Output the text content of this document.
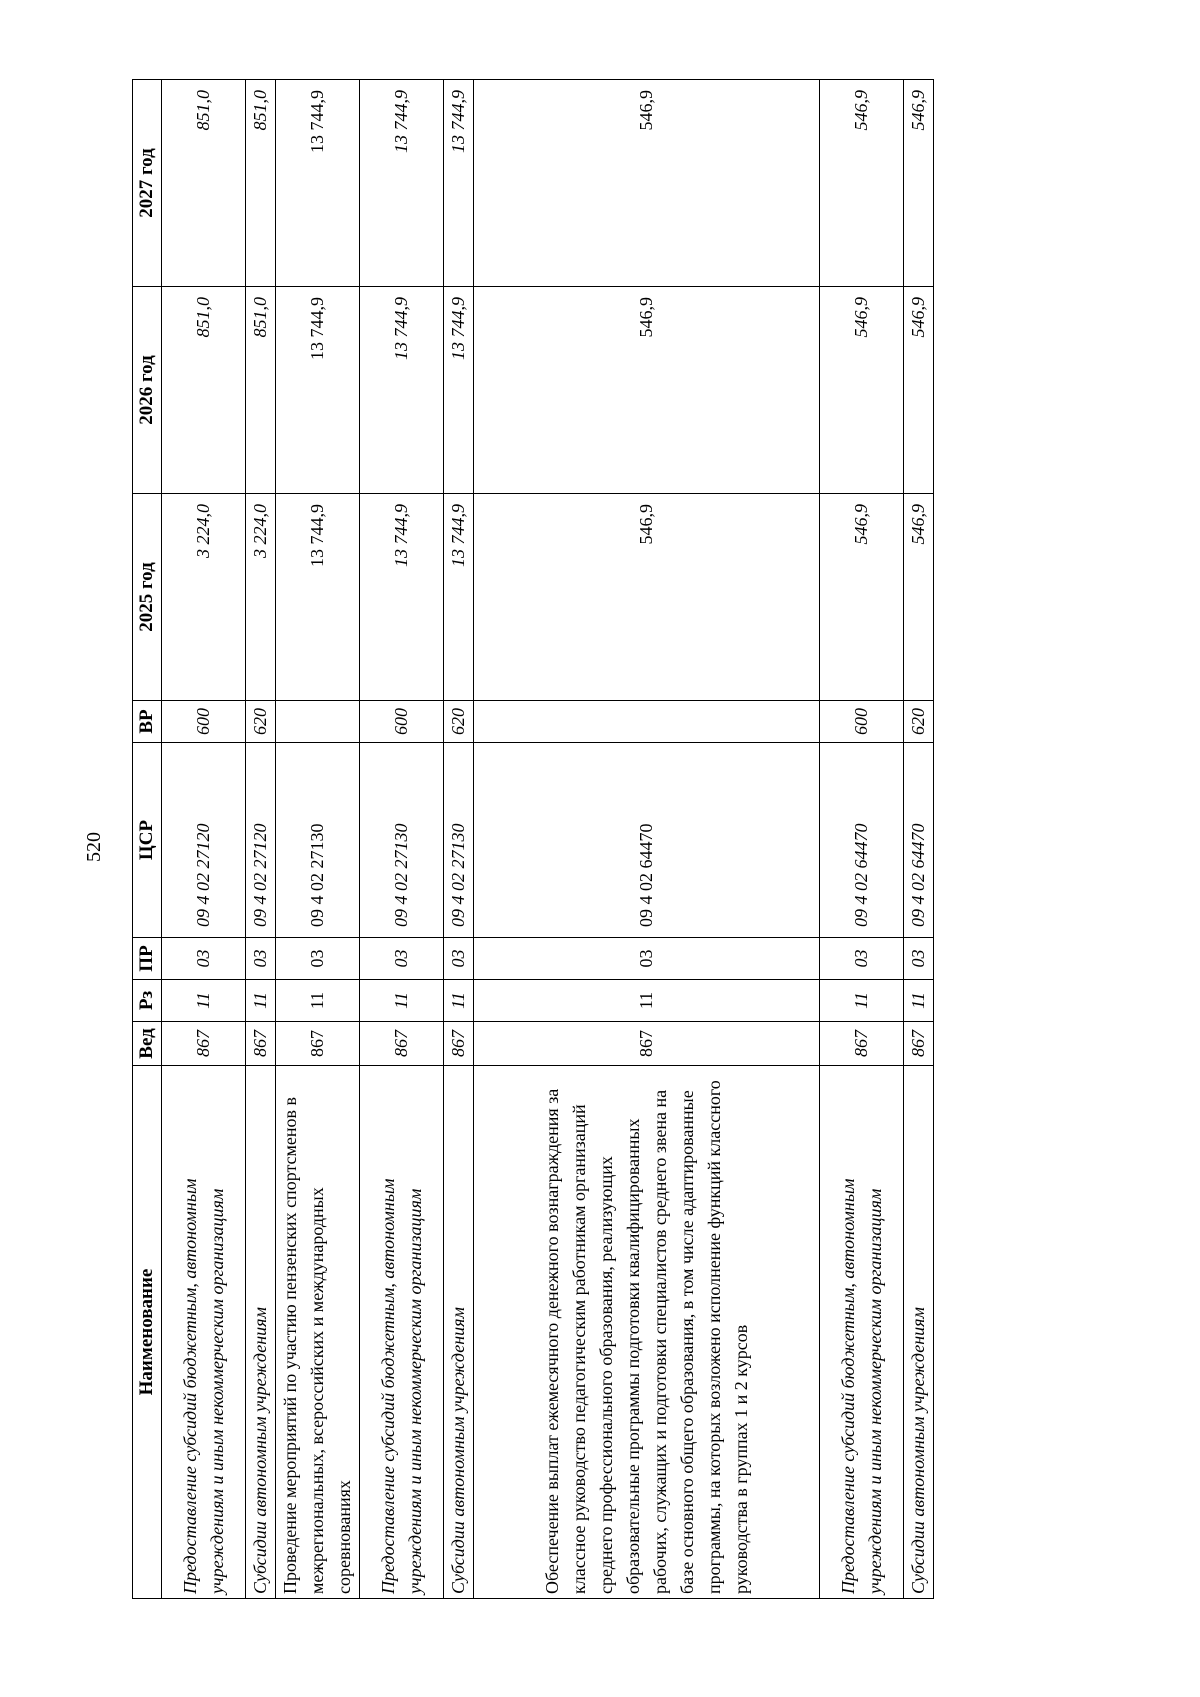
520
Наименование	Вед	Рз	ПР	ЦСР	ВР	2025 год	2026 год	2027 год
Предоставление субсидий бюджетным, автономным учреждениям и иным некоммерческим организациям	867	11	03	09 4 02 27120	600	3 224,0	851,0	851,0
Субсидии автономным учреждениям	867	11	03	09 4 02 27120	620	3 224,0	851,0	851,0
Проведение мероприятий по участию пензенских спортсменов в межрегиональных, всероссийских и международных соревнованиях	867	11	03	09 4 02 27130		13 744,9	13 744,9	13 744,9
Предоставление субсидий бюджетным, автономным учреждениям и иным некоммерческим организациям	867	11	03	09 4 02 27130	600	13 744,9	13 744,9	13 744,9
Субсидии автономным учреждениям	867	11	03	09 4 02 27130	620	13 744,9	13 744,9	13 744,9
Обеспечение выплат ежемесячного денежного вознаграждения за классное руководство педагогическим работникам организаций среднего профессионального образования, реализующих образовательные программы подготовки квалифицированных рабочих, служащих и подготовки специалистов среднего звена на базе основного общего образования, в том числе адаптированные программы, на которых возложено исполнение функций классного руководства в группах 1 и 2 курсов	867	11	03	09 4 02 64470		546,9	546,9	546,9
Предоставление субсидий бюджетным, автономным учреждениям и иным некоммерческим организациям	867	11	03	09 4 02 64470	600	546,9	546,9	546,9
Субсидии автономным учреждениям	867	11	03	09 4 02 64470	620	546,9	546,9	546,9
